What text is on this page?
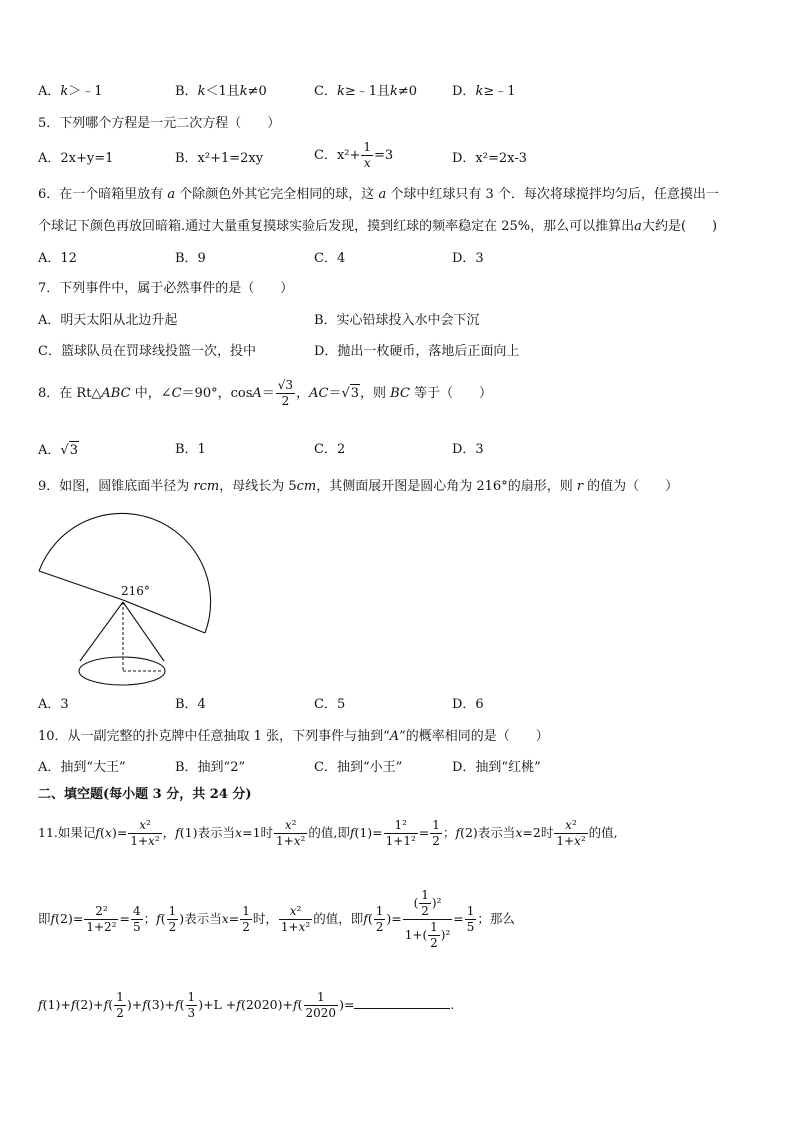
A．k＞﹣1	B．k＜1且k≠0	C．k≥﹣1且k≠0	D．k≥﹣1
5．下列哪个方程是一元二次方程（　　）
A．2x+y=1	B．x²+1=2xy	C．$x^2+ \frac{1}{x} =3$	D．x²=2x-3
6．在一个暗箱里放有 a 个除颜色外其它完全相同的球，这 a 个球中红球只有 3 个．每次将球搅拌均匀后，任意摸出一
个球记下颜色再放回暗箱.通过大量重复摸球实验后发现，摸到红球的频率稳定在 25%，那么可以推算出a大约是(　　)
A．12	B．9	C．4	D．3
7．下列事件中，属于必然事件的是（　　）
A．明天太阳从北边升起	B．实心铅球投入水中会下沉
C．篮球队员在罚球线投篮一次，投中	D．抛出一枚硬币，落地后正面向上
8．在 Rt△ABC 中，∠C＝90°，$\cos A= \frac{√3}{2}$ ，AC＝√3，则 BC 等于（　　）
A．√3	B．1	C．2	D．3
9．如图，圆锥底面半径为 rcm，母线长为 5cm，其侧面展开图是圆心角为 216°的扇形，则 r 的值为（　　）
216°
A．3	B．4	C．5	D．6
10．从一副完整的扑克牌中任意抽取 1 张，下列事件与抽到“A”的概率相同的是（　　）
A．抽到“大王”	B．抽到“2”	C．抽到“小王”	D．抽到“红桃”
二、填空题(每小题 3 分，共 24 分)
11.如果记$f(x)= \frac{\text{x²}}{\text{1+x²}}$ ，f(1)表示当x=1时 $\frac{\text{x²}}{\text{1+x²}}$ 的值,即$f(1)= \frac{\text{1²}}{\text{1+1²}} = \frac{1}{2}$ ；f(2)表示当x=2时 $\frac{\text{x²}}{\text{1+x²}}$ 的值,
即$f(2)= \frac{\text{2²}}{\text{1+2²}} = \frac{4}{5}$ ；$f( \frac{1}{2}$ )表示当$x= \frac{1}{2}$ 时， $\frac{\text{x²}}{\text{1+x²}}$ 的值，即$f( \frac{1}{2}$ )= $\frac{( \frac{1}{2} )^2}{1+( \frac{1}{2} )^2} = \frac{1}{5}$ ；那么
$f(1)+f(2)+f( \frac{1}{2} )+f(3)+f( \frac{1}{3} )+L +f(2020)+f( \frac{1}{2020}$ )=	.
